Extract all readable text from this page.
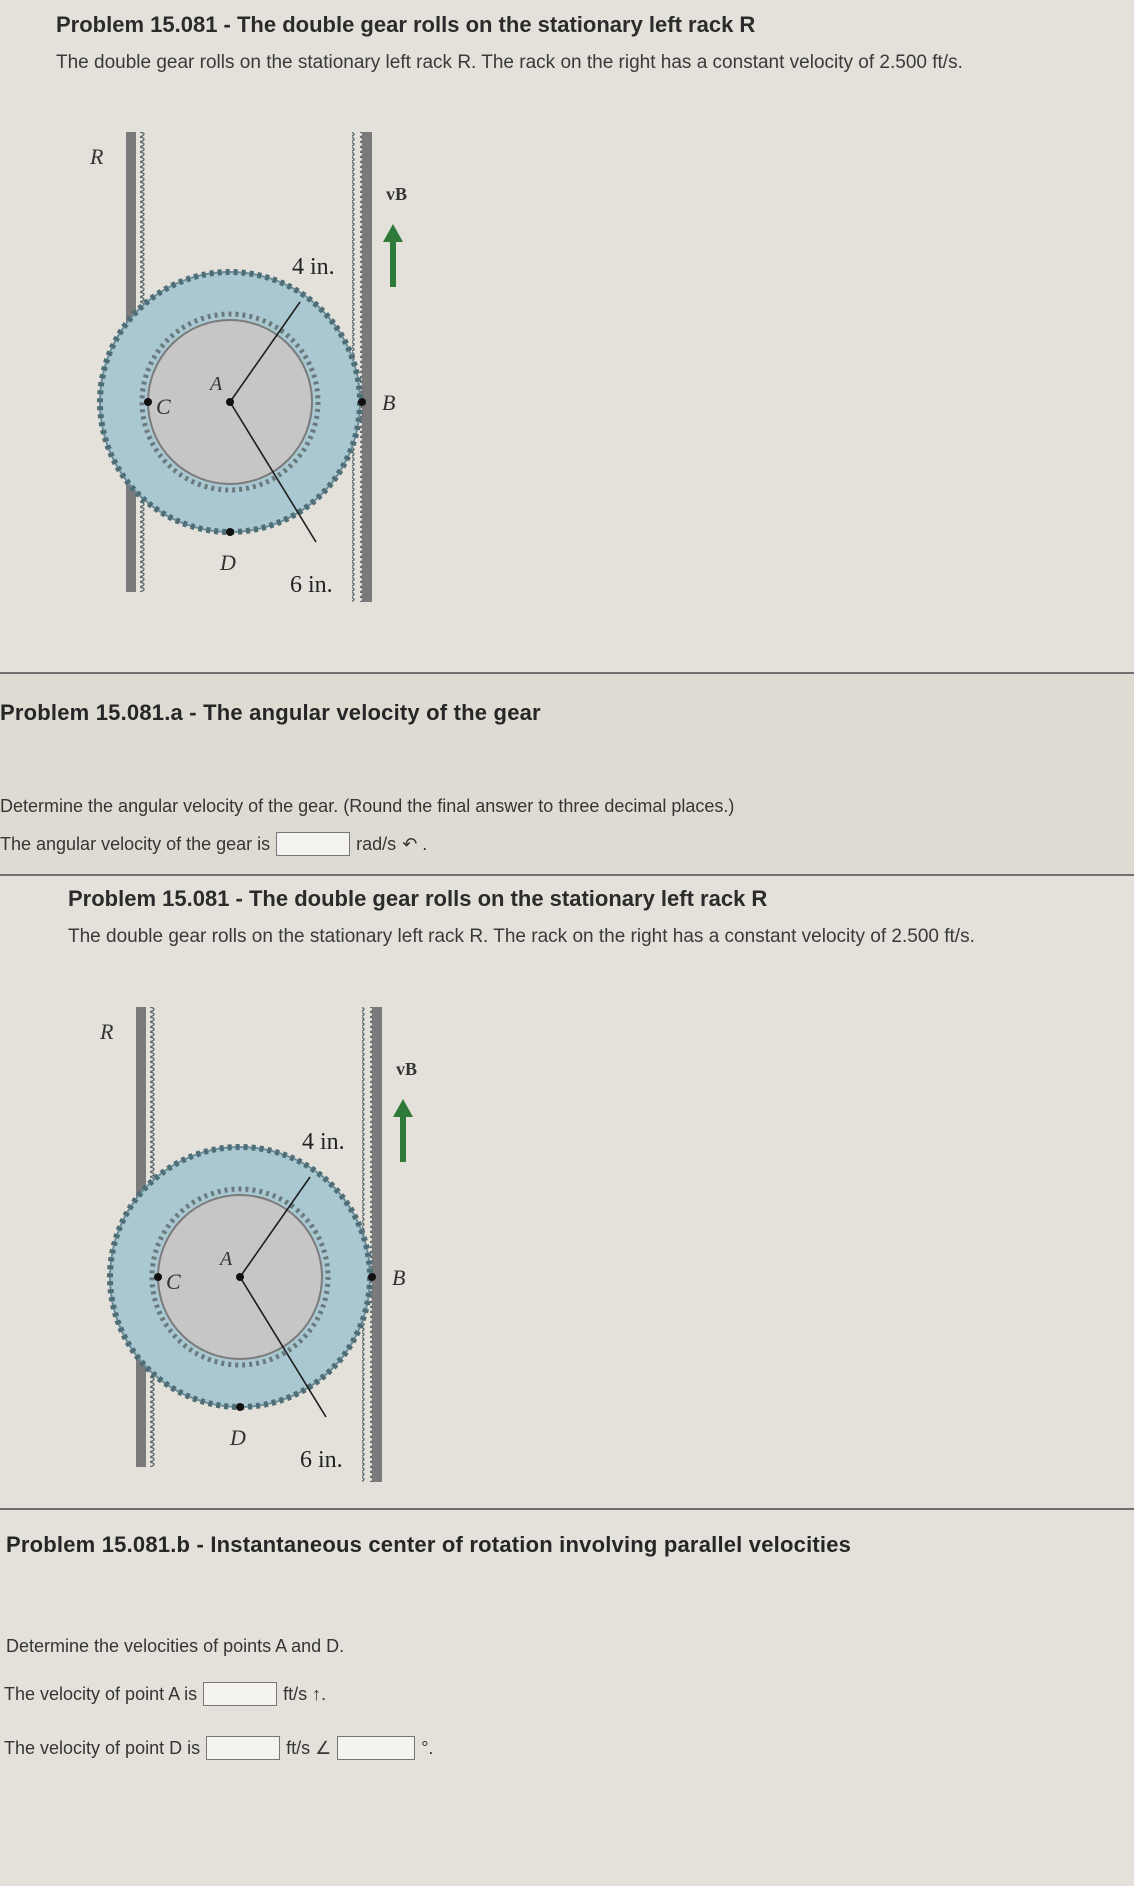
Problem 15.081 - The double gear rolls on the stationary left rack R
The double gear rolls on the stationary left rack R. The rack on the right has a constant velocity of 2.500 ft/s.
R
C
A
B
D
vB
4 in.
6 in.
Problem 15.081.a - The angular velocity of the gear
Determine the angular velocity of the gear. (Round the final answer to three decimal places.)
The angular velocity of the gear is	rad/s ↶ .
Problem 15.081 - The double gear rolls on the stationary left rack R
The double gear rolls on the stationary left rack R. The rack on the right has a constant velocity of 2.500 ft/s.
R
C
A
B
D
vB
4 in.
6 in.
Problem 15.081.b - Instantaneous center of rotation involving parallel velocities
Determine the velocities of points A and D.
The velocity of point A is	ft/s ↑.
The velocity of point D is	ft/s ∠	°.
